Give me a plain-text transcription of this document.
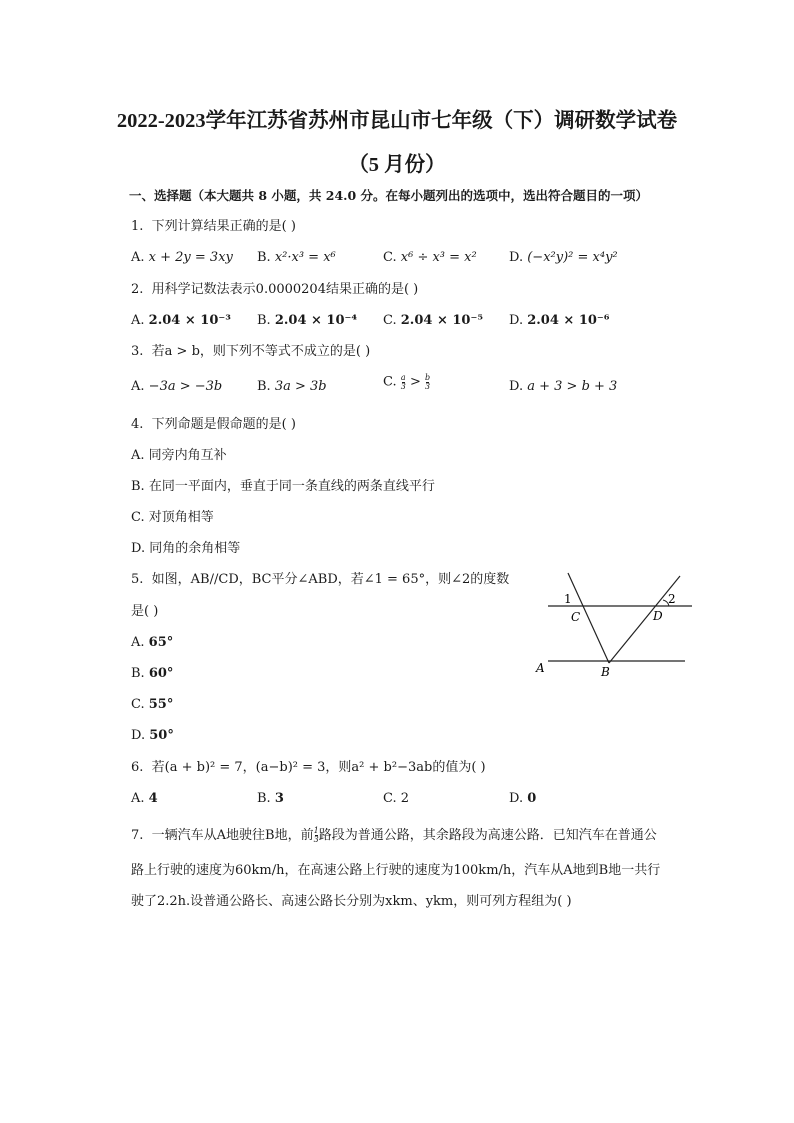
2022-2023学年江苏省苏州市昆山市七年级（下）调研数学试卷
（5 月份）
一、选择题（本大题共 8 小题，共 24.0 分。在每小题列出的选项中，选出符合题目的一项）
1. 下列计算结果正确的是( )
A. x + 2y = 3xy B. x²·x³ = x⁶	C. x⁶ ÷ x³ = x² D. (−x²y)² = x⁴y²
2. 用科学记数法表示0.0000204结果正确的是( )
A. 2.04 × 10⁻³ B. 2.04 × 10⁻⁴ C. 2.04 × 10⁻⁵ D. 2.04 × 10⁻⁶
3. 若a > b，则下列不等式不成立的是( )
A. −3a > −3b	B. 3a > 3b	C. $\frac{a}{3} > \frac{b}{3}$	D. a + 3 > b + 3
4. 下列命题是假命题的是( )
A. 同旁内角互补
B. 在同一平面内，垂直于同一条直线的两条直线平行
C. 对顶角相等
D. 同角的余角相等
5. 如图，AB//CD，BC平分∠ABD，若∠1 = 65°，则∠2的度数
是( )
A. 65°
B. 60°
C. 55°
D. 50°
1	2
C	D
A	B
6. 若(a + b)² = 7，(a−b)² = 3，则a² + b²−3ab的值为( )
A. 4	B. 3	C. 2	D. 0
7. 一辆汽车从A地驶往B地，前 $\frac{1}{3}$ 路段为普通公路，其余路段为高速公路．已知汽车在普通公
路上行驶的速度为60km/h，在高速公路上行驶的速度为100km/h，汽车从A地到B地一共行
驶了2.2h.设普通公路长、高速公路长分别为xkm、ykm，则可列方程组为( )
